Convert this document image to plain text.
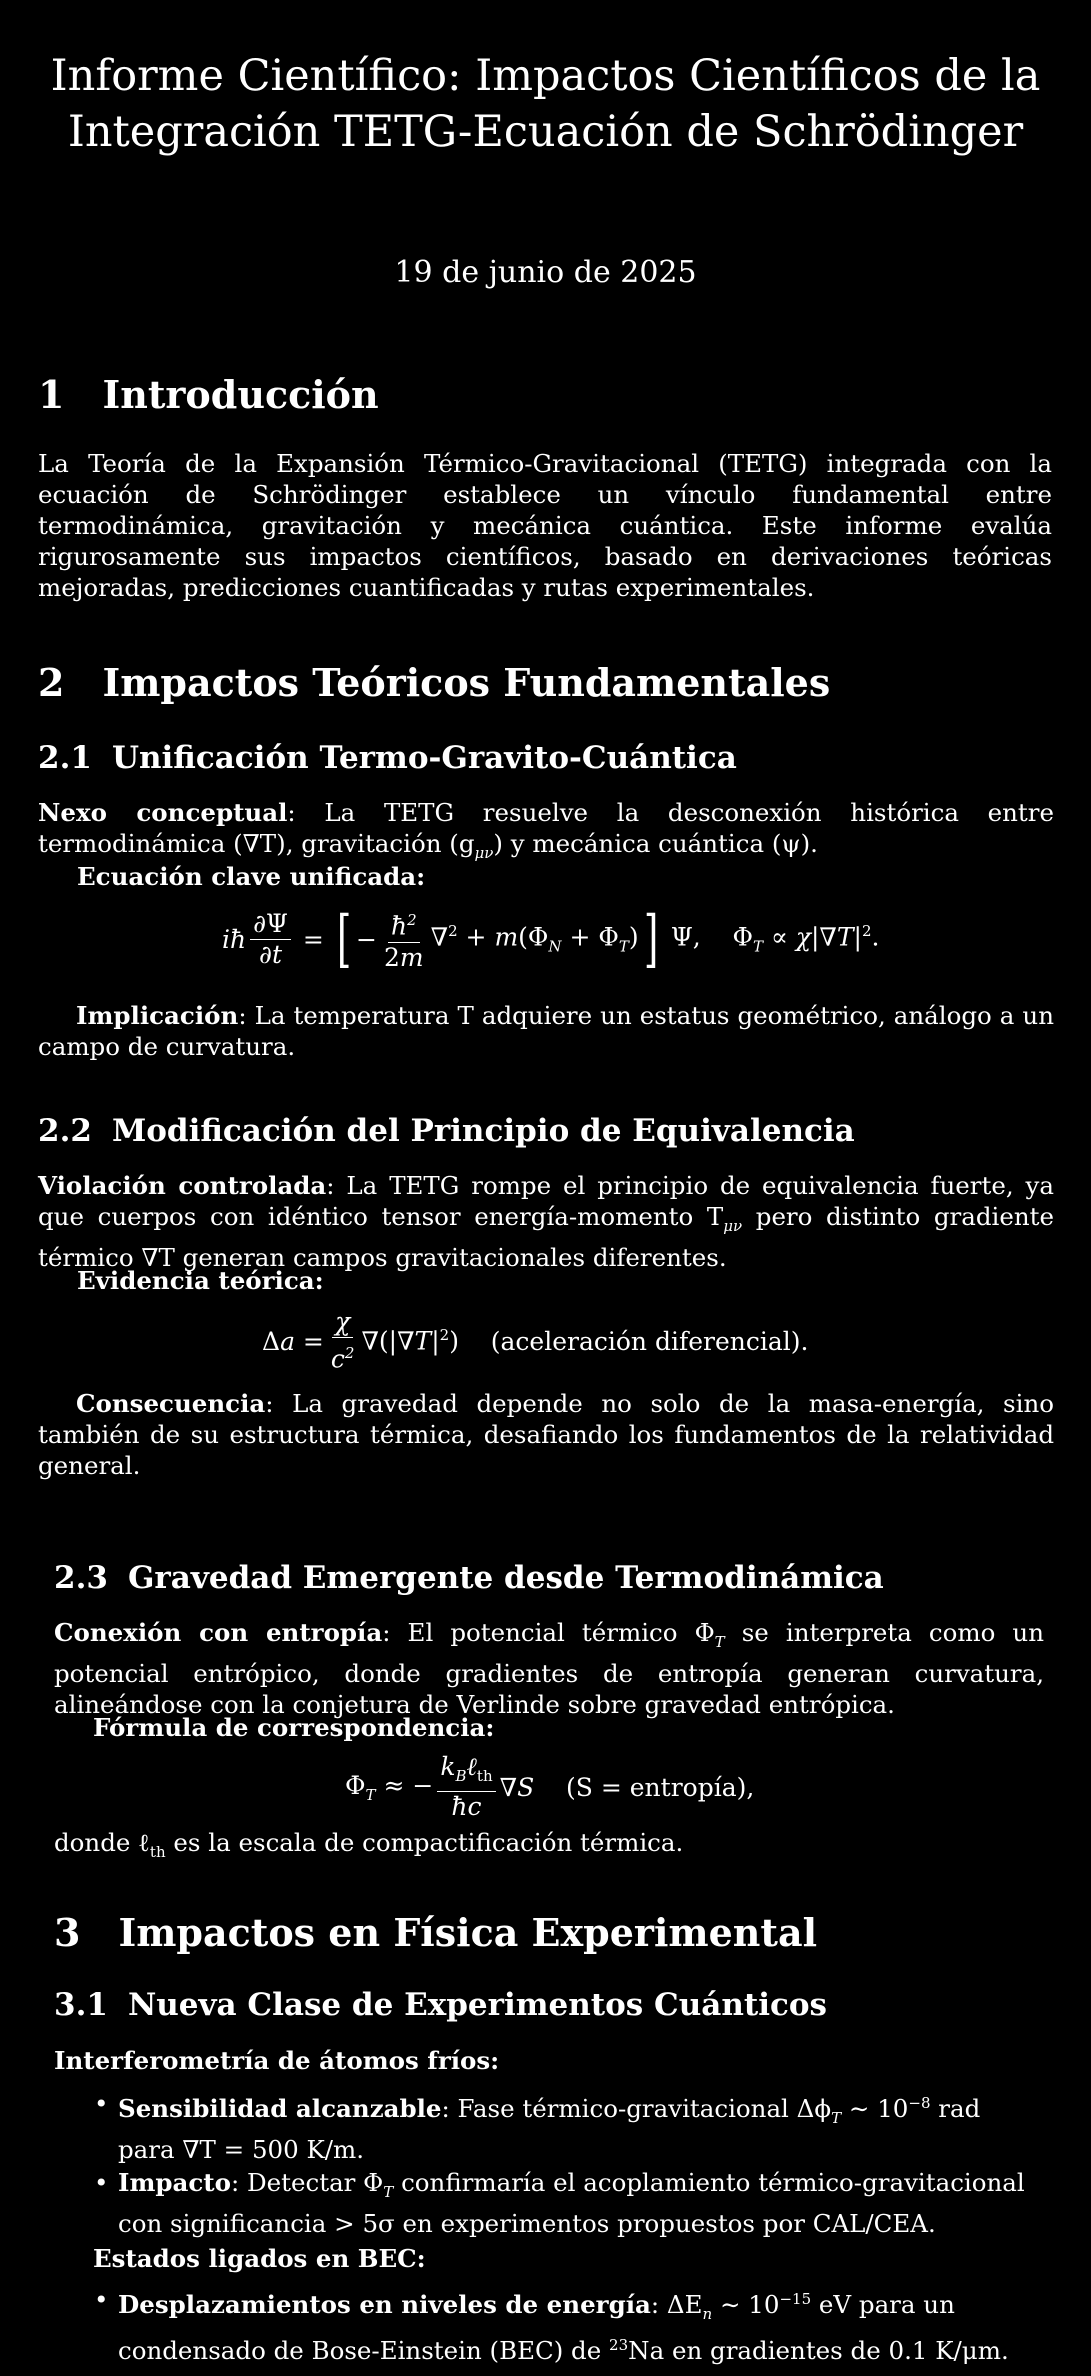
Informe Científico: Impactos Científicos de la
Integración TETG-Ecuación de Schrödinger
19 de junio de 2025
1 Introducción
La Teoría de la Expansión Térmico-Gravitacional (TETG) integrada con la ecuación de Schrödinger establece un vínculo fundamental entre termodinámica, gravitación y mecánica cuántica. Este informe evalúa rigurosamente sus impactos científicos, basado en derivaciones teóricas mejoradas, predicciones cuantificadas y rutas experimentales.
2 Impactos Teóricos Fundamentales
2.1 Unificación Termo-Gravito-Cuántica
Nexo conceptual: La TETG resuelve la desconexión histórica entre termodinámica (∇T), gravitación $(g_{\mu\nu})$ y mecánica cuántica (ψ).
Ecuación clave unificada:
iħ $\frac{\partial\Psi}{\partial t}$ = [ − $\frac{ħ^2}{2m} \nabla^2 + m(\Phi_N + \Phi_T)$ ] Ψ,    $\Phi_T \propto \chi|\nabla T|^2$.
Implicación: La temperatura T adquiere un estatus geométrico, análogo a un campo de curvatura.
2.2 Modificación del Principio de Equivalencia
Violación controlada: La TETG rompe el principio de equivalencia fuerte, ya que cuerpos con idéntico tensor energía-momento $T_{\mu\nu}$ pero distinto gradiente térmico ∇T generan campos gravitacionales diferentes.
Evidencia teórica:
$\Delta a = \frac{\chi}{c^2} \nabla(|\nabla T|^2)$ (aceleración diferencial).
Consecuencia: La gravedad depende no solo de la masa-energía, sino también de su estructura térmica, desafiando los fundamentos de la relatividad general.
2.3 Gravedad Emergente desde Termodinámica
Conexión con entropía: El potencial térmico $\Phi_T$ se interpreta como un potencial entrópico, donde gradientes de entropía generan curvatura, alineándose con la conjetura de Verlinde sobre gravedad entrópica.
Fórmula de correspondencia:
$\Phi_T$ ≈ − $\frac{k_B\ell_{th}}{ħc} \nabla S$	(S = entropía),
donde ℓ$_{th}$ es la escala de compactificación térmica.
3 Impactos en Física Experimental
3.1 Nueva Clase de Experimentos Cuánticos
Interferometría de átomos fríos:
• Sensibilidad alcanzable: Fase térmico-gravitacional $\Delta\phi_T$ ∼ $10^{-8}$ rad para ∇T = 500 K/m.
• Impacto: Detectar $\Phi_T$ confirmaría el acoplamiento térmico-gravitacional con significancia > 5σ en experimentos propuestos por CAL/CEA.
Estados ligados en BEC:
• Desplazamientos en niveles de energía: $\Delta E_n$ ∼ $10^{-15}$ eV para un condensado de Bose-Einstein (BEC) de $^{23}$Na en gradientes de 0.1 K/μm.
